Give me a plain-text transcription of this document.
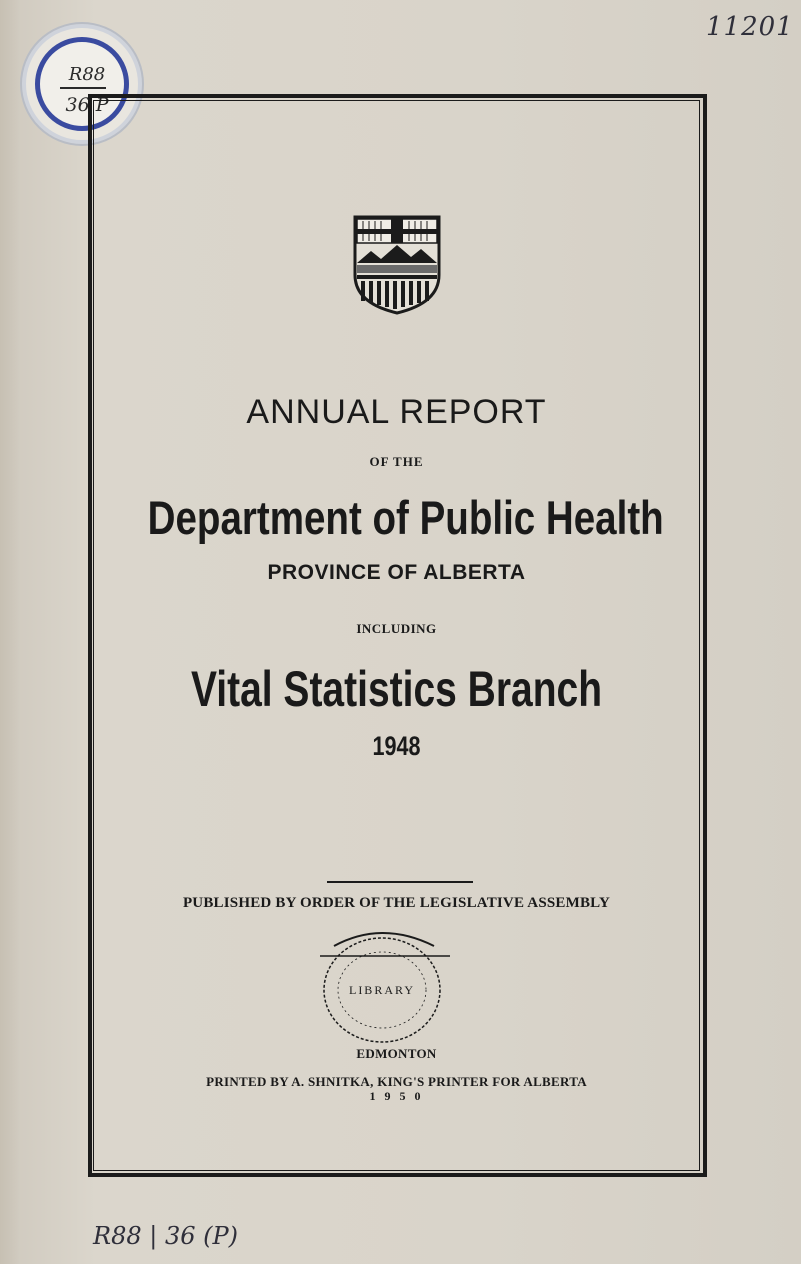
R88
36 P
11201
ANNUAL REPORT
OF THE
Department of Public Health
PROVINCE OF ALBERTA
INCLUDING
Vital Statistics Branch
1948
PUBLISHED BY ORDER OF THE LEGISLATIVE ASSEMBLY
LIBRARY
EDMONTON
PRINTED BY A. SHNITKA, KING'S PRINTER FOR ALBERTA
1 9 5 0
R88 | 36 (P)
